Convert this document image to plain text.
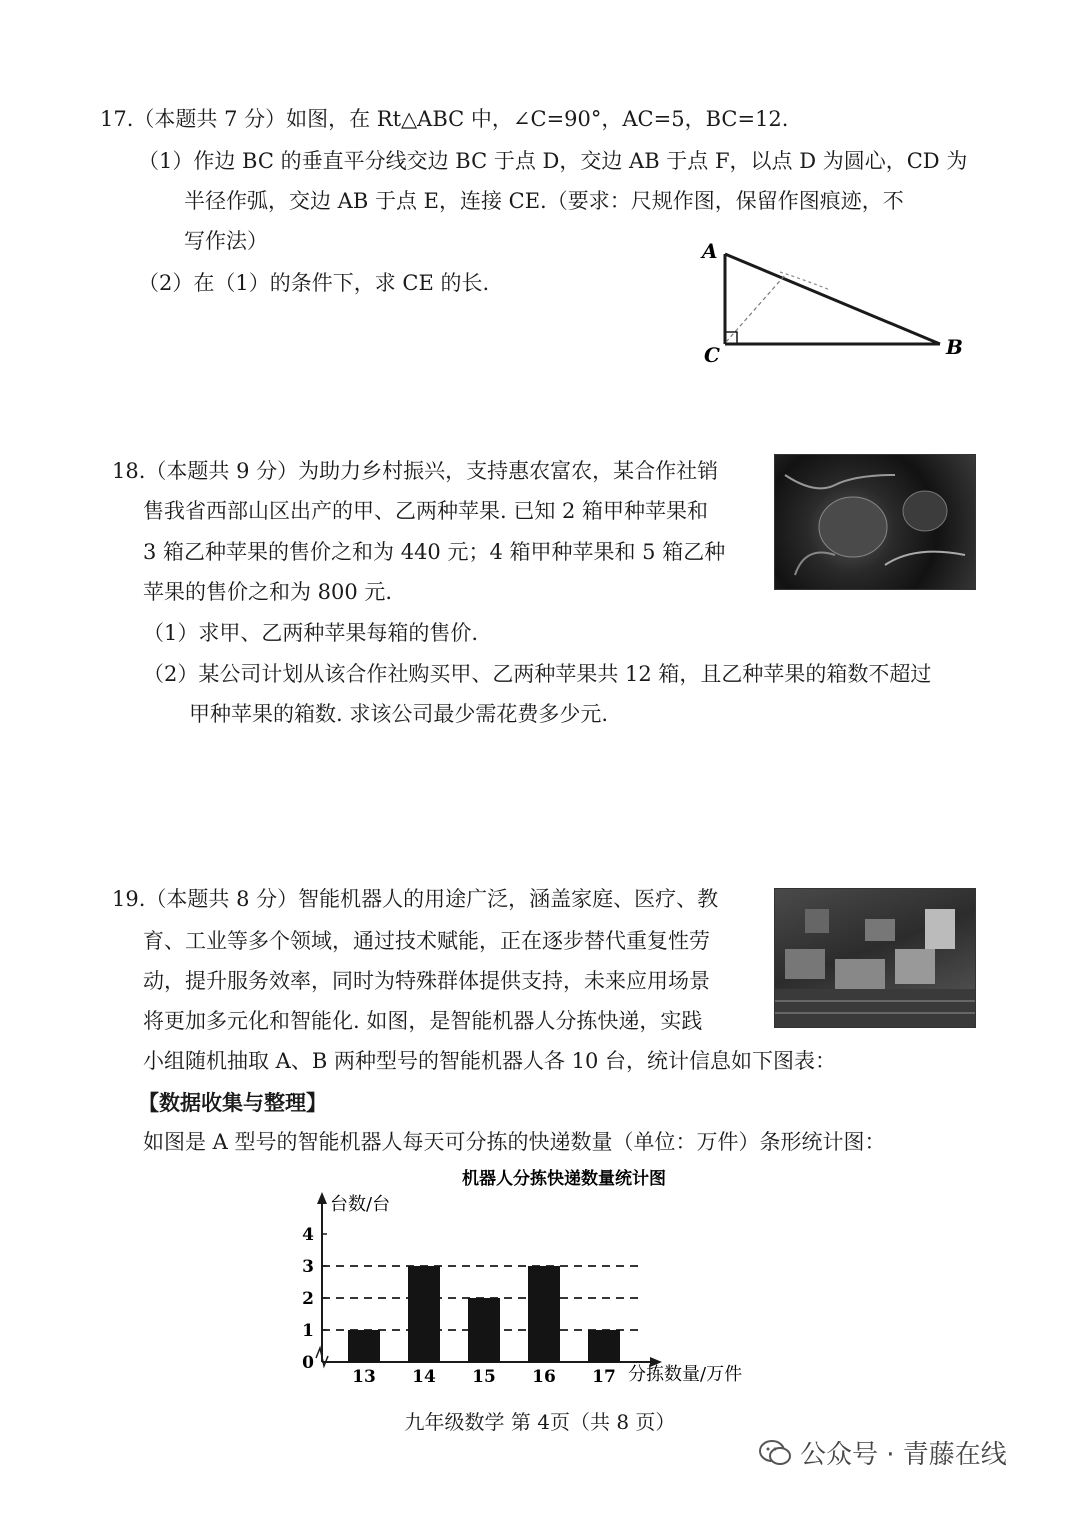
17.（本题共 7 分）如图，在 Rt△ABC 中，∠C=90°，AC=5，BC=12.
（1）作边 BC 的垂直平分线交边 BC 于点 D，交边 AB 于点 F，以点 D 为圆心，CD 为
半径作弧，交边 AB 于点 E，连接 CE.（要求：尺规作图，保留作图痕迹，不
写作法）
（2）在（1）的条件下，求 CE 的长.
A
C	B
18.（本题共 9 分）为助力乡村振兴，支持惠农富农，某合作社销
售我省西部山区出产的甲、乙两种苹果. 已知 2 箱甲种苹果和
3 箱乙种苹果的售价之和为 440 元；4 箱甲种苹果和 5 箱乙种
苹果的售价之和为 800 元.
（1）求甲、乙两种苹果每箱的售价.
（2）某公司计划从该合作社购买甲、乙两种苹果共 12 箱，且乙种苹果的箱数不超过
甲种苹果的箱数. 求该公司最少需花费多少元.
19.（本题共 8 分）智能机器人的用途广泛，涵盖家庭、医疗、教
育、工业等多个领域，通过技术赋能，正在逐步替代重复性劳
动，提升服务效率，同时为特殊群体提供支持，未来应用场景
将更加多元化和智能化. 如图，是智能机器人分拣快递，实践
小组随机抽取 A、B 两种型号的智能机器人各 10 台，统计信息如下图表：
【数据收集与整理】
如图是 A 型号的智能机器人每天可分拣的快递数量（单位：万件）条形统计图：
机器人分拣快递数量统计图
台数/台
分拣数量/万件
0
1
2
3
4
13 14 15 16 17
九年级数学 第 4页（共 8 页）
公众号 · 青藤在线
